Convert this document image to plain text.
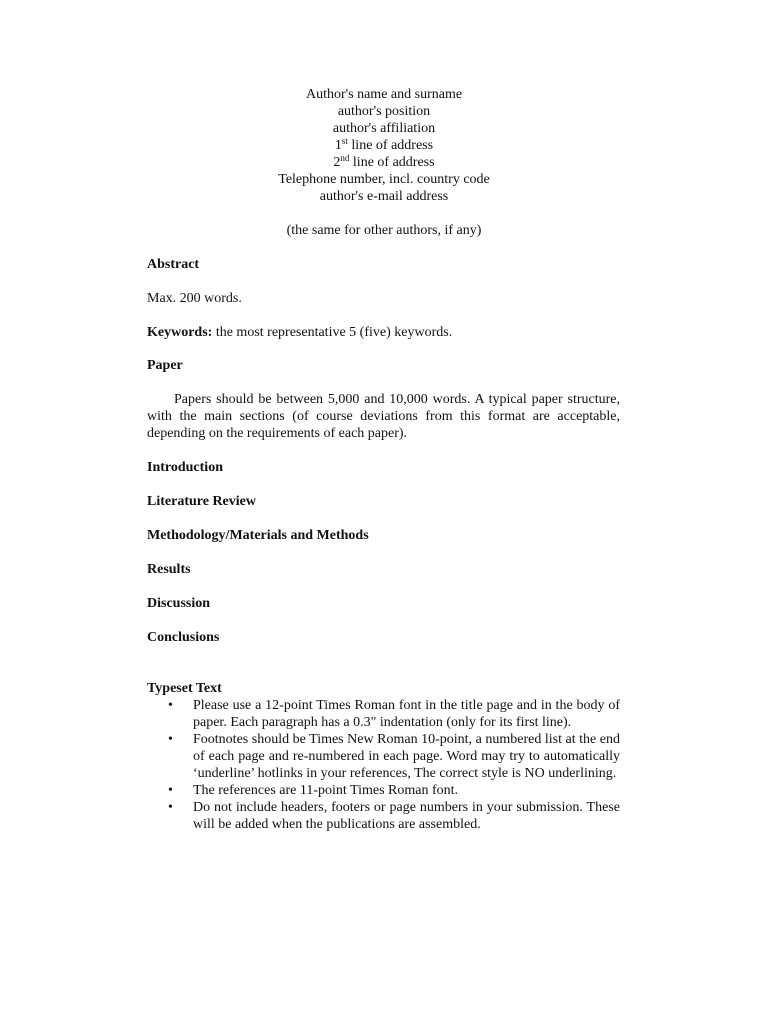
Author's name and surname
author's position
author's affiliation
1st line of address
2nd line of address
Telephone number, incl. country code
author's e-mail address
(the same for other authors, if any)
Abstract
Max. 200 words.
Keywords: the most representative 5 (five) keywords.
Paper
Papers should be between 5,000 and 10,000 words. A typical paper structure, with the main sections (of course deviations from this format are acceptable, depending on the requirements of each paper).
Introduction
Literature Review
Methodology/Materials and Methods
Results
Discussion
Conclusions
Typeset Text
• Please use a 12-point Times Roman font in the title page and in the body of paper. Each paragraph has a 0.3" indentation (only for its first line).
• Footnotes should be Times New Roman 10-point, a numbered list at the end of each page and re-numbered in each page. Word may try to automatically ‘underline’ hotlinks in your references, The correct style is NO underlining.
• The references are 11-point Times Roman font.
• Do not include headers, footers or page numbers in your submission. These will be added when the publications are assembled.
